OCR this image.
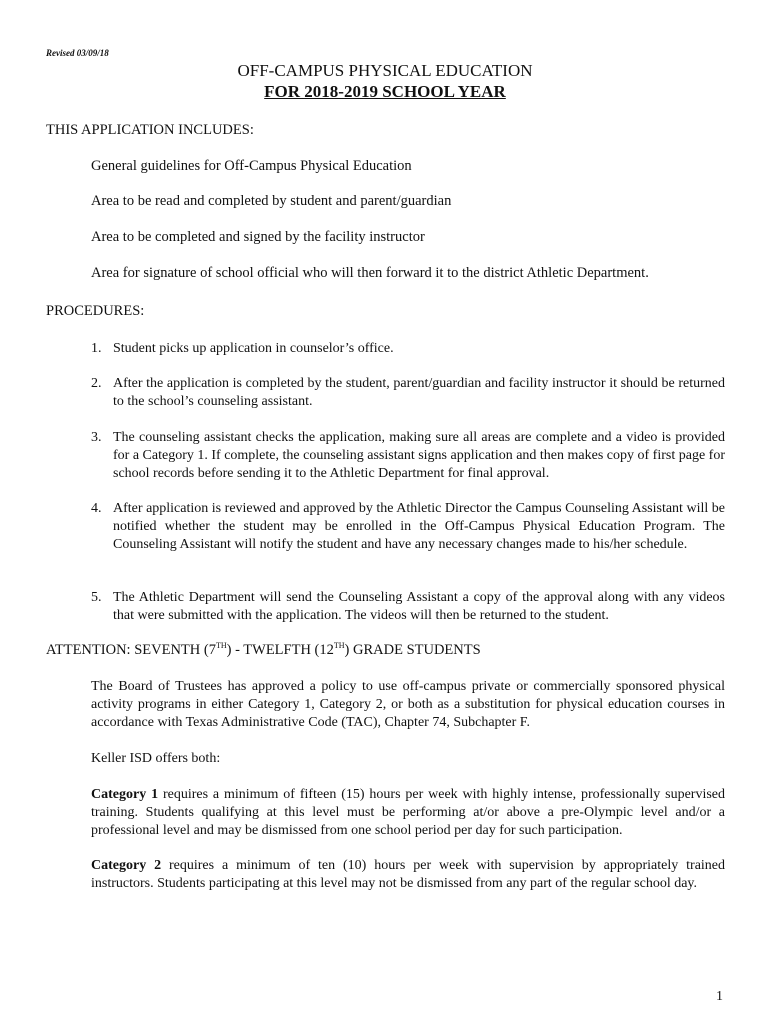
Revised 03/09/18
OFF-CAMPUS PHYSICAL EDUCATION
FOR 2018-2019 SCHOOL YEAR
THIS APPLICATION INCLUDES:
General guidelines for Off-Campus Physical Education
Area to be read and completed by student and parent/guardian
Area to be completed and signed by the facility instructor
Area for signature of school official who will then forward it to the district Athletic Department.
PROCEDURES:
1. Student picks up application in counselor’s office.
2. After the application is completed by the student, parent/guardian and facility instructor it should be returned to the school’s counseling assistant.
3. The counseling assistant checks the application, making sure all areas are complete and a video is provided for a Category 1. If complete, the counseling assistant signs application and then makes copy of first page for school records before sending it to the Athletic Department for final approval.
4. After application is reviewed and approved by the Athletic Director the Campus Counseling Assistant will be notified whether the student may be enrolled in the Off-Campus Physical Education Program. The Counseling Assistant will notify the student and have any necessary changes made to his/her schedule.
5. The Athletic Department will send the Counseling Assistant a copy of the approval along with any videos that were submitted with the application. The videos will then be returned to the student.
ATTENTION: SEVENTH (7TH) - TWELFTH (12TH) GRADE STUDENTS
The Board of Trustees has approved a policy to use off-campus private or commercially sponsored physical activity programs in either Category 1, Category 2, or both as a substitution for physical education courses in accordance with Texas Administrative Code (TAC), Chapter 74, Subchapter F.
Keller ISD offers both:
Category 1 requires a minimum of fifteen (15) hours per week with highly intense, professionally supervised training. Students qualifying at this level must be performing at/or above a pre-Olympic level and/or a professional level and may be dismissed from one school period per day for such participation.
Category 2 requires a minimum of ten (10) hours per week with supervision by appropriately trained instructors. Students participating at this level may not be dismissed from any part of the regular school day.
1
